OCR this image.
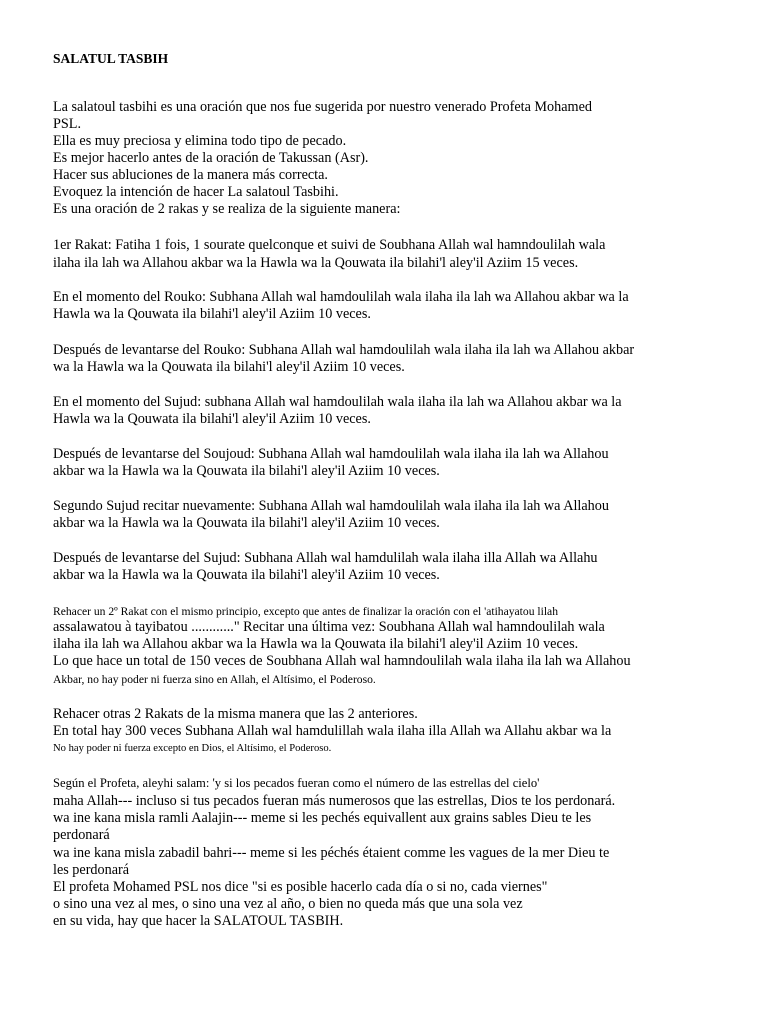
SALATUL TASBIH
La salatoul tasbihi es una oración que nos fue sugerida por nuestro venerado Profeta Mohamed
PSL.
Ella es muy preciosa y elimina todo tipo de pecado.
Es mejor hacerlo antes de la oración de Takussan (Asr).
Hacer sus abluciones de la manera más correcta.
Evoquez la intención de hacer La salatoul Tasbihi.
Es una oración de 2 rakas y se realiza de la siguiente manera:
1er Rakat: Fatiha 1 fois, 1 sourate quelconque et suivi de Soubhana Allah wal hamndoulilah wala
ilaha ila lah wa Allahou akbar wa la Hawla wa la Qouwata ila bilahi'l aley'il Aziim 15 veces.
En el momento del Rouko: Subhana Allah wal hamdoulilah wala ilaha ila lah wa Allahou akbar wa la
Hawla wa la Qouwata ila bilahi'l aley'il Aziim 10 veces.
Después de levantarse del Rouko: Subhana Allah wal hamdoulilah wala ilaha ila lah wa Allahou akbar
wa la Hawla wa la Qouwata ila bilahi'l aley'il Aziim 10 veces.
En el momento del Sujud: subhana Allah wal hamdoulilah wala ilaha ila lah wa Allahou akbar wa la
Hawla wa la Qouwata ila bilahi'l aley'il Aziim 10 veces.
Después de levantarse del Soujoud: Subhana Allah wal hamdoulilah wala ilaha ila lah wa Allahou
akbar wa la Hawla wa la Qouwata ila bilahi'l aley'il Aziim 10 veces.
Segundo Sujud recitar nuevamente: Subhana Allah wal hamdoulilah wala ilaha ila lah wa Allahou
akbar wa la Hawla wa la Qouwata ila bilahi'l aley'il Aziim 10 veces.
Después de levantarse del Sujud: Subhana Allah wal hamdulilah wala ilaha illa Allah wa Allahu
akbar wa la Hawla wa la Qouwata ila bilahi'l aley'il Aziim 10 veces.
Rehacer un 2º Rakat con el mismo principio, excepto que antes de finalizar la oración con el 'atihayatou lilah
assalawatou à tayibatou ............" Recitar una última vez: Soubhana Allah wal hamndoulilah wala
ilaha ila lah wa Allahou akbar wa la Hawla wa la Qouwata ila bilahi'l aley'il Aziim 10 veces.
Lo que hace un total de 150 veces de Soubhana Allah wal hamndoulilah wala ilaha ila lah wa Allahou
Akbar, no hay poder ni fuerza sino en Allah, el Altísimo, el Poderoso.
Rehacer otras 2 Rakats de la misma manera que las 2 anteriores.
En total hay 300 veces Subhana Allah wal hamdulillah wala ilaha illa Allah wa Allahu akbar wa la
No hay poder ni fuerza excepto en Dios, el Altísimo, el Poderoso.
Según el Profeta, aleyhi salam: 'y si los pecados fueran como el número de las estrellas del cielo'
maha Allah--- incluso si tus pecados fueran más numerosos que las estrellas, Dios te los perdonará.
wa ine kana misla ramli Aalajin--- meme si les pechés equivallent aux grains sables Dieu te les
perdonará
wa ine kana misla zabadil bahri--- meme si les péchés étaient comme les vagues de la mer Dieu te
les perdonará
El profeta Mohamed PSL nos dice "si es posible hacerlo cada día o si no, cada viernes"
o sino una vez al mes, o sino una vez al año, o bien no queda más que una sola vez
en su vida, hay que hacer la SALATOUL TASBIH.
